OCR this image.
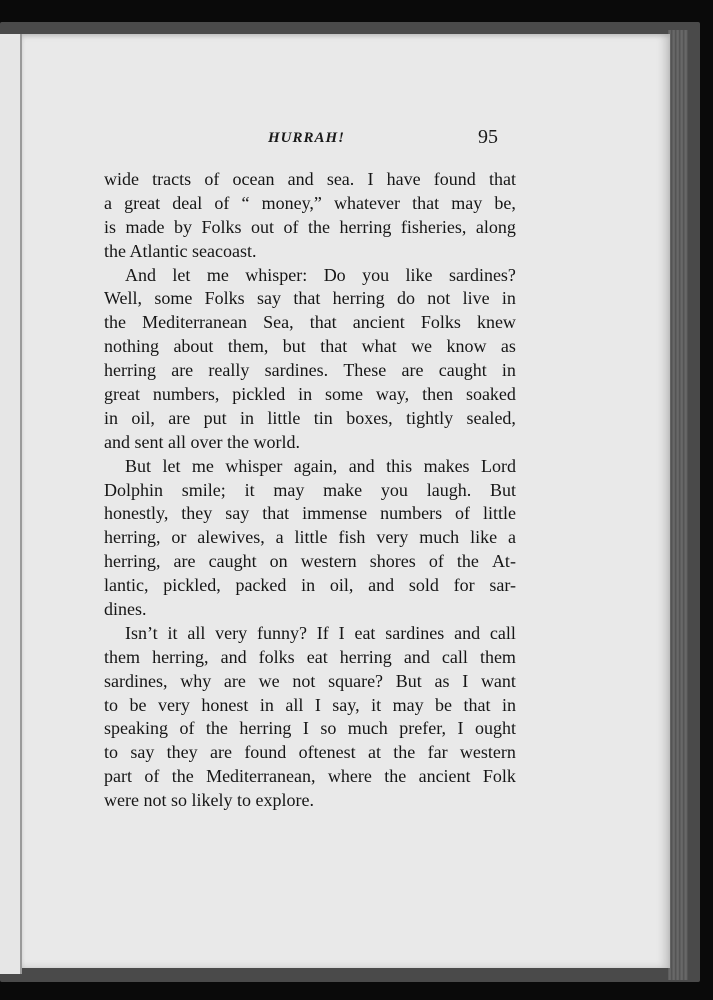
HURRAH!	95
wide tracts of ocean and sea. I have found that
a great deal of “ money,” whatever that may be,
is made by Folks out of the herring fisheries, along
the Atlantic seacoast.
And let me whisper: Do you like sardines?
Well, some Folks say that herring do not live in
the Mediterranean Sea, that ancient Folks knew
nothing about them, but that what we know as
herring are really sardines. These are caught in
great numbers, pickled in some way, then soaked
in oil, are put in little tin boxes, tightly sealed,
and sent all over the world.
But let me whisper again, and this makes Lord
Dolphin smile; it may make you laugh. But
honestly, they say that immense numbers of little
herring, or alewives, a little fish very much like a
herring, are caught on western shores of the At-
lantic, pickled, packed in oil, and sold for sar-
dines.
Isn’t it all very funny? If I eat sardines and call
them herring, and folks eat herring and call them
sardines, why are we not square? But as I want
to be very honest in all I say, it may be that in
speaking of the herring I so much prefer, I ought
to say they are found oftenest at the far western
part of the Mediterranean, where the ancient Folk
were not so likely to explore.
